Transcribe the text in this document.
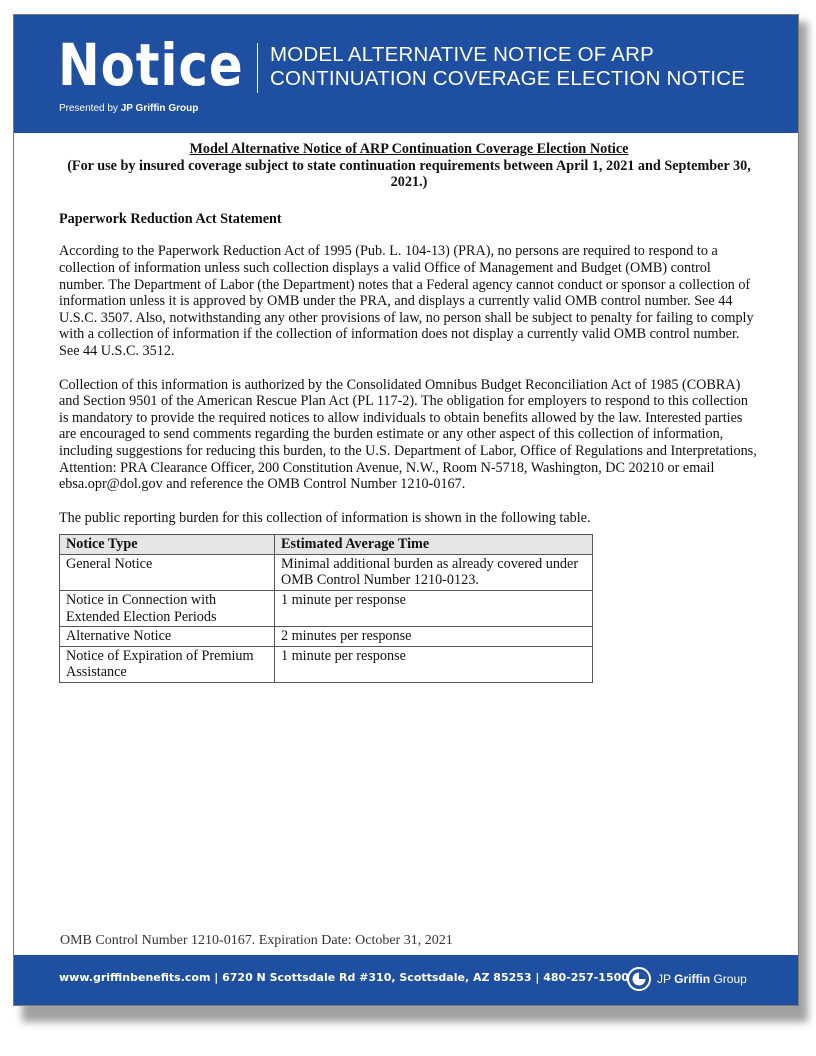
Notice
Presented by JP Griffin Group
MODEL ALTERNATIVE NOTICE OF ARP
CONTINUATION COVERAGE ELECTION NOTICE
Model Alternative Notice of ARP Continuation Coverage Election Notice
(For use by insured coverage subject to state continuation requirements between April 1, 2021 and September 30, 2021.)
Paperwork Reduction Act Statement
According to the Paperwork Reduction Act of 1995 (Pub. L. 104-13) (PRA), no persons are required to respond to a collection of information unless such collection displays a valid Office of Management and Budget (OMB) control number. The Department of Labor (the Department) notes that a Federal agency cannot conduct or sponsor a collection of information unless it is approved by OMB under the PRA, and displays a currently valid OMB control number. See 44 U.S.C. 3507. Also, notwithstanding any other provisions of law, no person shall be subject to penalty for failing to comply with a collection of information if the collection of information does not display a currently valid OMB control number. See 44 U.S.C. 3512.
Collection of this information is authorized by the Consolidated Omnibus Budget Reconciliation Act of 1985 (COBRA) and Section 9501 of the American Rescue Plan Act (PL 117-2). The obligation for employers to respond to this collection is mandatory to provide the required notices to allow individuals to obtain benefits allowed by the law. Interested parties are encouraged to send comments regarding the burden estimate or any other aspect of this collection of information, including suggestions for reducing this burden, to the U.S. Department of Labor, Office of Regulations and Interpretations, Attention: PRA Clearance Officer, 200 Constitution Avenue, N.W., Room N-5718, Washington, DC 20210 or email ebsa.opr@dol.gov and reference the OMB Control Number 1210-0167.
The public reporting burden for this collection of information is shown in the following table.
Notice Type	Estimated Average Time
General Notice	Minimal additional burden as already covered under OMB Control Number 1210-0123.
Notice in Connection with Extended Election Periods	1 minute per response
Alternative Notice	2 minutes per response
Notice of Expiration of Premium Assistance	1 minute per response
OMB Control Number 1210-0167. Expiration Date: October 31, 2021
www.griffinbenefits.com | 6720 N Scottsdale Rd #310, Scottsdale, AZ 85253 | 480-257-1500 JP Griffin Group
